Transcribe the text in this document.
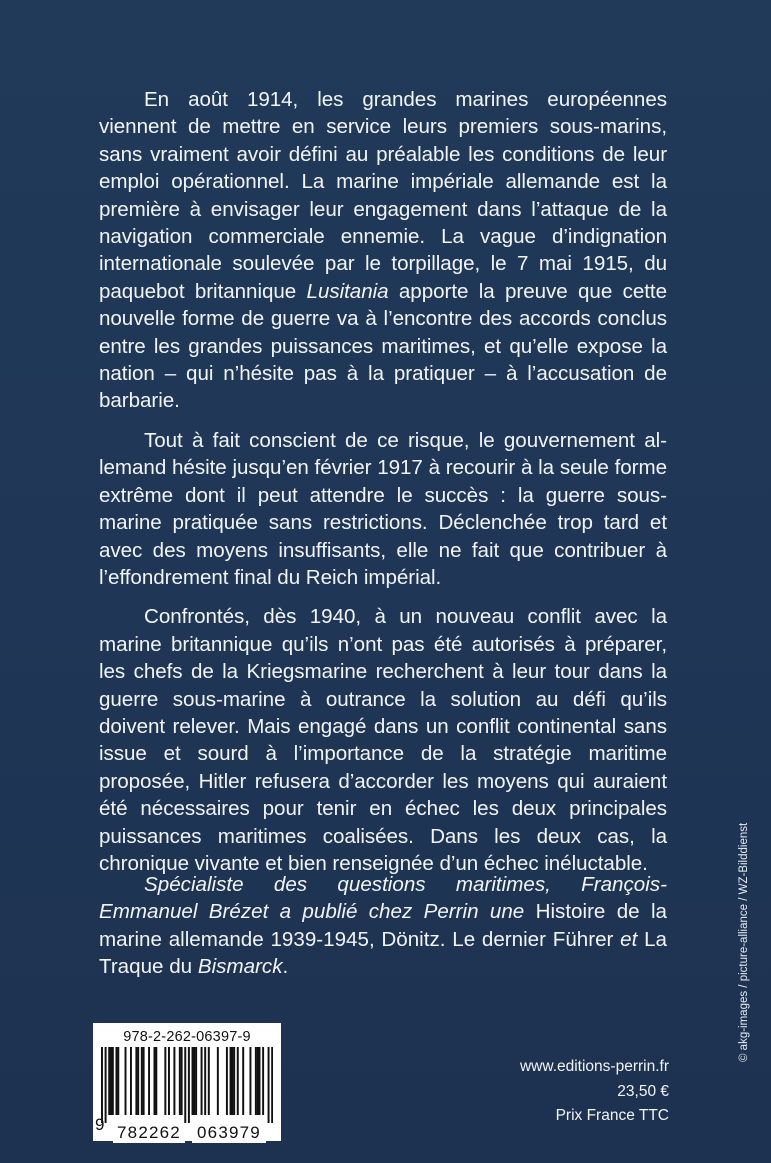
En août 1914, les grandes marines européennes viennent de mettre en service leurs premiers sous-marins, sans vraiment avoir défini au préalable les conditions de leur emploi opérationnel. La marine impériale allemande est la première à envisager leur engagement dans l’attaque de la navigation commerciale ennemie. La vague d’indignation internationale soulevée par le torpillage, le 7 mai 1915, du paquebot britannique Lusitania apporte la preuve que cette nouvelle forme de guerre va à l’encontre des accords conclus entre les grandes puissances maritimes, et qu’elle expose la nation – qui n’hésite pas à la pratiquer – à l’accusation de barbarie.

Tout à fait conscient de ce risque, le gouvernement allemand hésite jusqu’en février 1917 à recourir à la seule forme extrême dont il peut attendre le succès : la guerre sous-marine pratiquée sans restrictions. Déclenchée trop tard et avec des moyens insuffisants, elle ne fait que contribuer à l’effondrement final du Reich impérial.

Confrontés, dès 1940, à un nouveau conflit avec la marine britannique qu’ils n’ont pas été autorisés à préparer, les chefs de la Kriegsmarine recherchent à leur tour dans la guerre sous-marine à outrance la solution au défi qu’ils doivent relever. Mais engagé dans un conflit continental sans issue et sourd à l’importance de la stratégie maritime proposée, Hitler refusera d’accorder les moyens qui auraient été nécessaires pour tenir en échec les deux principales puissances maritimes coalisées. Dans les deux cas, la chronique vivante et bien renseignée d’un échec inéluctable.

Spécialiste des questions maritimes, François-Emmanuel Brézet a publié chez Perrin une Histoire de la marine allemande 1939-1945, Dönitz. Le dernier Führer et La Traque du Bismarck.	© akg-images / picture-alliance / WZ-Bilddienst
978-2-262-06397-9
9 782262 063979
www.editions-perrin.fr
23,50 €
Prix France TTC
